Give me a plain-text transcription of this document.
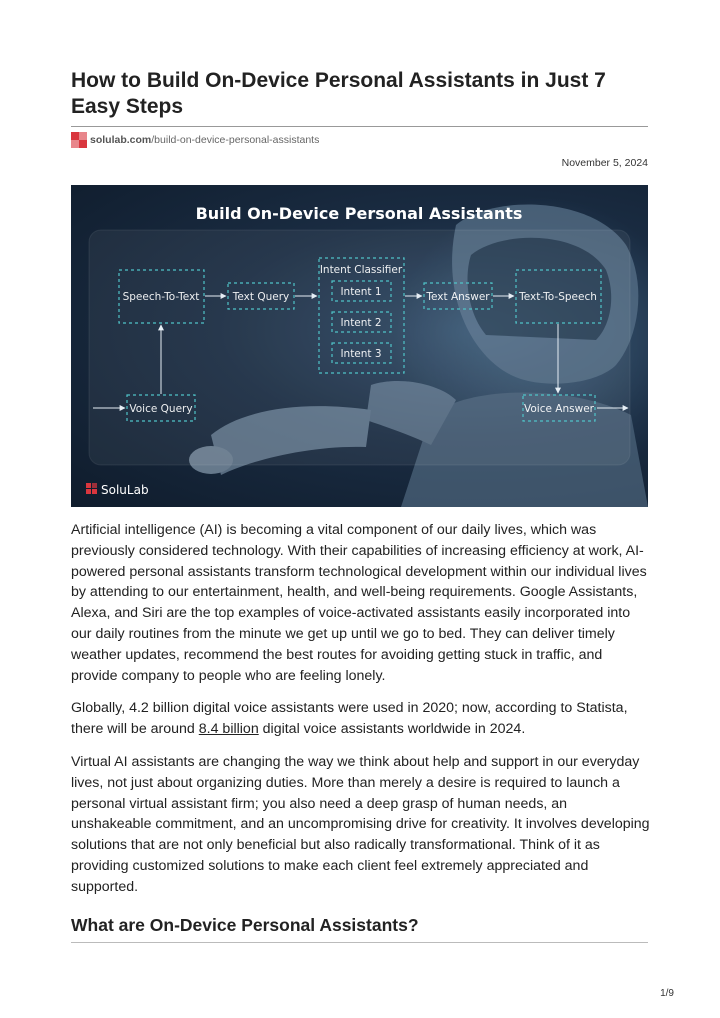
How to Build On-Device Personal Assistants in Just 7 Easy Steps
solulab.com /build-on-device-personal-assistants
November 5, 2024
Build On-Device Personal Assistants
Speech-To-Text	Text Query
Intent Classifier
Intent 1
Intent 2
Intent 3
Text Answer	Text-To-Speech
Voice Query	Voice Answer
SoluLab

Artificial intelligence (AI) is becoming a vital component of our daily lives, which was previously considered technology. With their capabilities of increasing efficiency at work, AI-powered personal assistants transform technological development within our individual lives by attending to our entertainment, health, and well-being requirements. Google Assistants, Alexa, and Siri are the top examples of voice-activated assistants easily incorporated into our daily routines from the minute we get up until we go to bed. They can deliver timely weather updates, recommend the best routes for avoiding getting stuck in traffic, and provide company to people who are feeling lonely.

Globally, 4.2 billion digital voice assistants were used in 2020; now, according to Statista, there will be around 8.4 billion digital voice assistants worldwide in 2024.

Virtual AI assistants are changing the way we think about help and support in our everyday lives, not just about organizing duties. More than merely a desire is required to launch a personal virtual assistant firm; you also need a deep grasp of human needs, an unshakeable commitment, and an uncompromising drive for creativity. It involves developing solutions that are not only beneficial but also radically transformational. Think of it as providing customized solutions to make each client feel extremely appreciated and supported.

What are On-Device Personal Assistants?
1/9
